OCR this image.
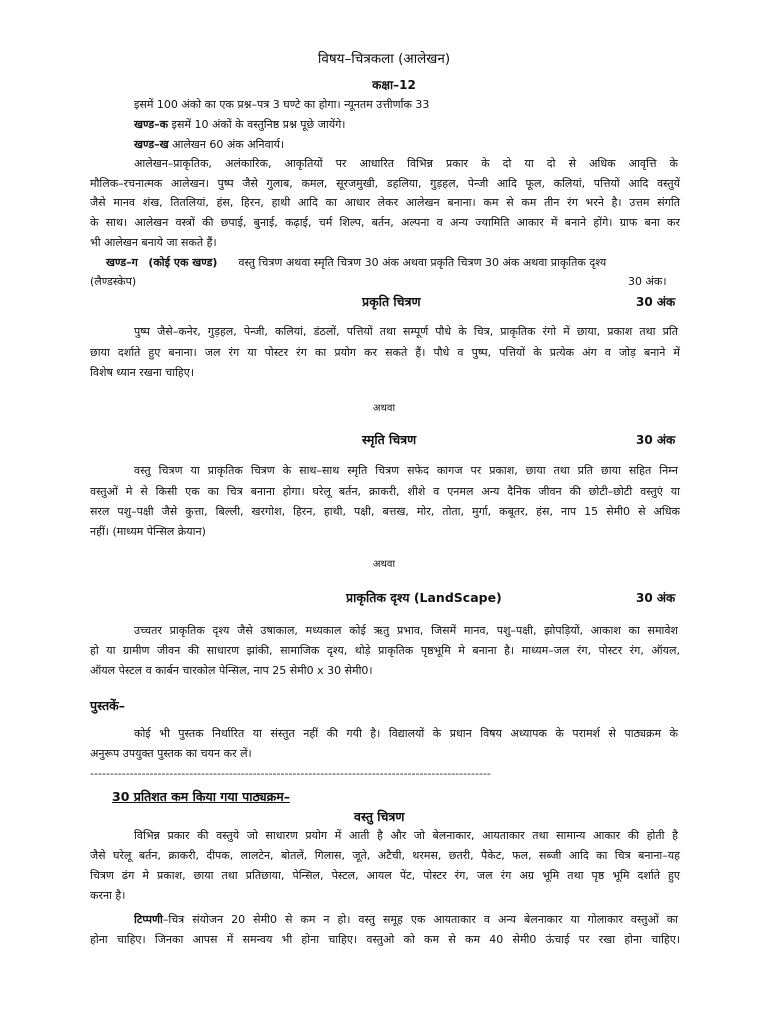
विषय–चित्रकला (आलेखन)
कक्षा–12
इसमें 100 अंको का एक प्रश्न–पत्र 3 घण्टे का होगा। न्यूनतम उत्तीर्णांक 33
खण्ड–क इसमें 10 अंकों के वस्तुनिष्ठ प्रश्न पूछे जायेंगे।
खण्ड–ख आलेखन 60 अंक अनिवार्य।
आलेखन–प्राकृतिक, अलंकारिक, आकृतियों पर आधारित विभिन्न प्रकार के दो या दो से अधिक आवृत्ति के
मौलिक–रचनात्मक आलेखन। पुष्प जैसे गुलाब, कमल, सूरजमुखी, डहलिया, गुड़हल, पेन्जी आदि फूल, कलियां, पत्तियों आदि वस्तुयें
जैसे मानव शंख, तितलियां, हंस, हिरन, हाथी आदि का आधार लेकर आलेखन बनाना। कम से कम तीन रंग भरने है। उत्तम संगति
के साथ। आलेखन वस्त्रों की छपाई, बुनाई, कढ़ाई, चर्म शिल्प, बर्तन, अल्पना व अन्य ज्यामिति आकार में बनाने होंगे। ग्राफ बना कर
भी आलेखन बनाये जा सकते हैं।
खण्ड–ग (कोई एक खण्ड) वस्तु चित्रण अथवा स्मृति चित्रण 30 अंक अथवा प्रकृति चित्रण 30 अंक अथवा प्राकृतिक दृश्य
(लैण्डस्केप)	30 अंक।
प्रकृति चित्रण	30 अंक
पुष्प जैसे–कनेर, गुड़हल, पेन्जी, कलियां, डंठलों, पत्तियों तथा सम्पूर्ण पौधे के चित्र, प्राकृतिक रंगो में छाया, प्रकाश तथा प्रति
छाया दर्शाते हुए बनाना। जल रंग या पोस्टर रंग का प्रयोग कर सकते हैं। पौधे व पुष्प, पत्तियों के प्रत्येक अंग व जोड़ बनाने में
विशेष ध्यान रखना चाहिए।
अथवा
स्मृति चित्रण	30 अंक
वस्तु चित्रण या प्राकृतिक चित्रण के साथ–साथ स्मृति चित्रण सफेद कागज पर प्रकाश, छाया तथा प्रति छाया सहित निम्न
वस्तुओं मे से किसी एक का चित्र बनाना होगा। घरेलू बर्तन, क्राकरी, शीशे व एनमल अन्य दैनिक जीवन की छोटी–छोटी वस्तुएं या
सरल पशु–पक्षी जैसे कुत्ता, बिल्ली, खरगोश, हिरन, हाथी, पक्षी, बत्तख, मोर, तोता, मुर्गा, कबूतर, हंस, नाप 15 सेमी0 से अधिक
नहीं। (माध्यम पेन्सिल क्रेयान)
अथवा
प्राकृतिक दृश्य (LandScape)	30 अंक
उच्चतर प्राकृतिक दृश्य जैसे उषाकाल, मध्यकाल कोई ऋतु प्रभाव, जिसमें मानव, पशु–पक्षी, झोपड़ियों, आकाश का समावेश
हो या ग्रामीण जीवन की साधारण झांकी, सामाजिक दृश्य, थोड़े प्राकृतिक पृष्ठभूमि मे बनाना है। माध्यम–जल रंग, पोस्टर रंग, ऑयल,
ऑयल पेस्टल व कार्बन चारकोल पेन्सिल, नाप 25 सेमी0 x 30 सेमी0।
पुस्तकें–
कोई भी पुस्तक निर्धारित या संस्तुत नहीं की गयी है। विद्यालयों के प्रधान विषय अध्यापक के परामर्श से पाठ्यक्रम के
अनुरूप उपयुक्त पुस्तक का चयन कर लें।
-----------------------------------------------------------------------------------------------------
30 प्रतिशत कम किया गया पाठ्यक्रम–
वस्तु चित्रण
विभिन्न प्रकार की वस्तुये जो साधारण प्रयोग में आती है और जो बेलनाकार, आयताकार तथा सामान्य आकार की होती है
जैसे घरेलू बर्तन, क्राकरी, दीपक, लालटेन, बोतलें, गिलास, जूते, अटैची, थरमस, छतरी, पैकेट, फल, सब्जी आदि का चित्र बनाना–यह
चित्रण ढंग मे प्रकाश, छाया तथा प्रतिछाया, पेन्सिल, पेस्टल, आयल पेंट, पोस्टर रंग, जल रंग अग्र भूमि तथा पृष्ठ भूमि दर्शाते हुए
करना है।
टिप्पणी–चित्र संयोजन 20 सेमी0 से कम न हो। वस्तु समूह एक आयताकार व अन्य बेलनाकार या गोलाकार वस्तुओं का
होना चाहिए। जिनका आपस में समन्वय भी होना चाहिए। वस्तुओ को कम से कम 40 सेमी0 ऊंचाई पर रखा होना चाहिए।
